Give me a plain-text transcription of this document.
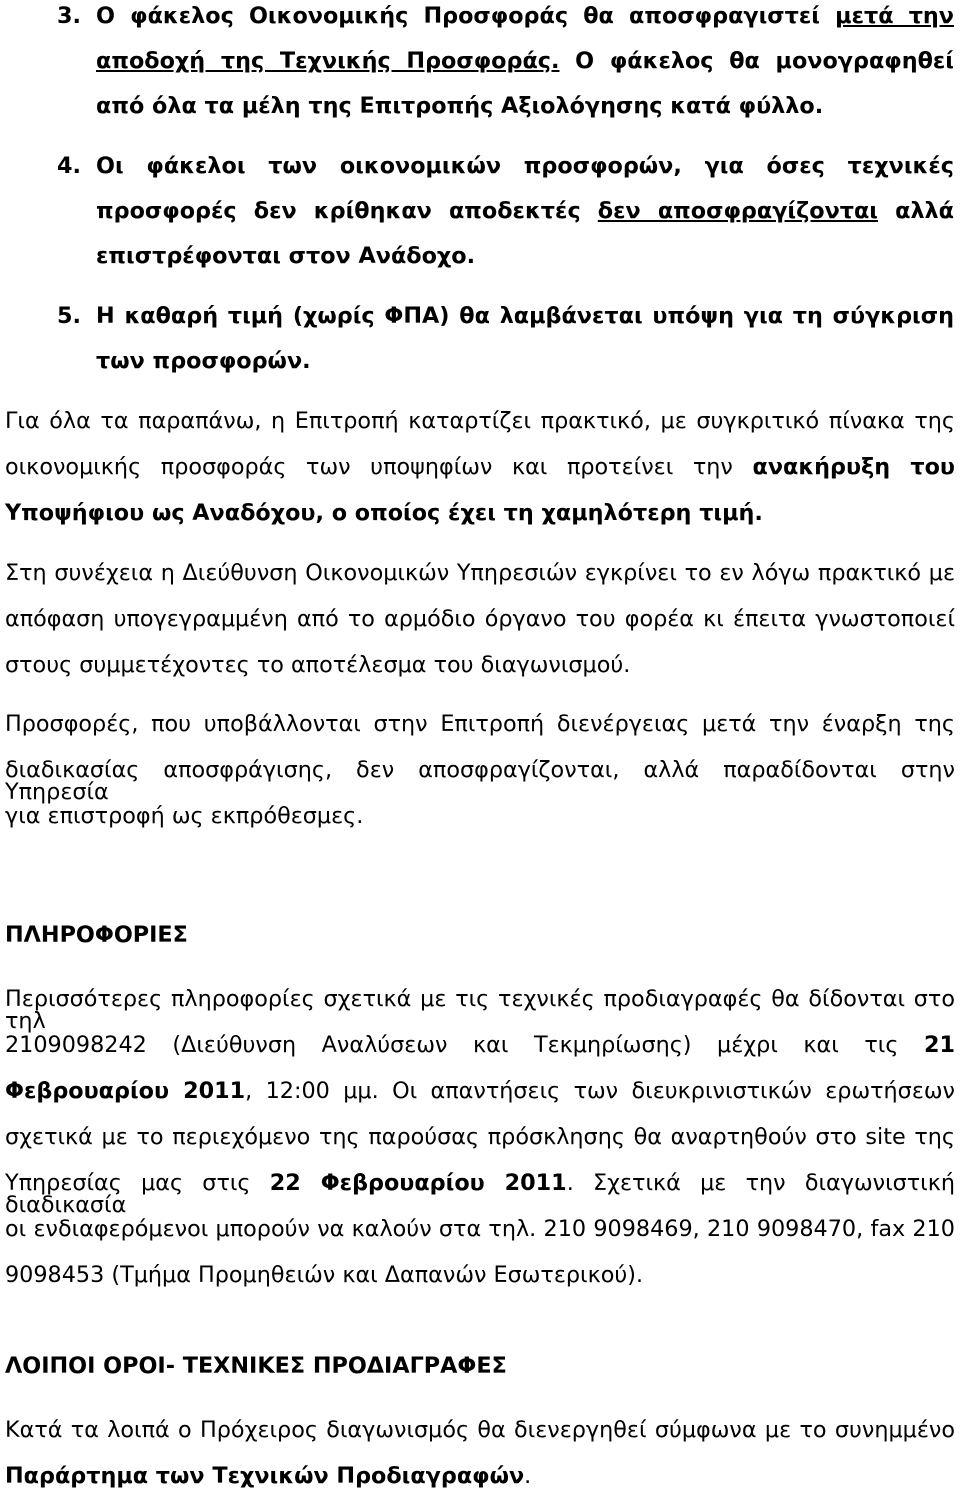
3. Ο φάκελος Οικονομικής Προσφοράς θα αποσφραγιστεί μετά την
αποδοχή της Τεχνικής Προσφοράς. Ο φάκελος θα μονογραφηθεί
από όλα τα μέλη της Επιτροπής Αξιολόγησης κατά φύλλο.
4. Οι φάκελοι των οικονομικών προσφορών, για όσες τεχνικές
προσφορές δεν κρίθηκαν αποδεκτές δεν αποσφραγίζονται αλλά
επιστρέφονται στον Ανάδοχο.
5. Η καθαρή τιμή (χωρίς ΦΠΑ) θα λαμβάνεται υπόψη για τη σύγκριση
των προσφορών.
Για όλα τα παραπάνω, η Επιτροπή καταρτίζει πρακτικό, με συγκριτικό πίνακα της
οικονομικής προσφοράς των υποψηφίων και προτείνει την ανακήρυξη του
Υποψήφιου ως Αναδόχου, ο οποίος έχει τη χαμηλότερη τιμή.
Στη συνέχεια η Διεύθυνση Οικονομικών Υπηρεσιών εγκρίνει το εν λόγω πρακτικό με
απόφαση υπογεγραμμένη από το αρμόδιο όργανο του φορέα κι έπειτα γνωστοποιεί
στους συμμετέχοντες το αποτέλεσμα του διαγωνισμού.
Προσφορές, που υποβάλλονται στην Επιτροπή διενέργειας μετά την έναρξη της
διαδικασίας αποσφράγισης, δεν αποσφραγίζονται, αλλά παραδίδονται στην Υπηρεσία
για επιστροφή ως εκπρόθεσμες.
ΠΛΗΡΟΦΟΡΙΕΣ
Περισσότερες πληροφορίες σχετικά με τις τεχνικές προδιαγραφές θα δίδονται στο τηλ
2109098242 (Διεύθυνση Αναλύσεων και Τεκμηρίωσης) μέχρι και τις 21
Φεβρουαρίου 2011, 12:00 μμ. Οι απαντήσεις των διευκρινιστικών ερωτήσεων
σχετικά με το περιεχόμενο της παρούσας πρόσκλησης θα αναρτηθούν στο site της
Υπηρεσίας μας στις 22 Φεβρουαρίου 2011. Σχετικά με την διαγωνιστική διαδικασία
οι ενδιαφερόμενοι μπορούν να καλούν στα τηλ. 210 9098469, 210 9098470, fax 210
9098453 (Τμήμα Προμηθειών και Δαπανών Εσωτερικού).
ΛΟΙΠΟΙ ΟΡΟΙ- ΤΕΧΝΙΚΕΣ ΠΡΟΔΙΑΓΡΑΦΕΣ
Κατά τα λοιπά ο Πρόχειρος διαγωνισμός θα διενεργηθεί σύμφωνα με το συνημμένο
Παράρτημα των Τεχνικών Προδιαγραφών.
